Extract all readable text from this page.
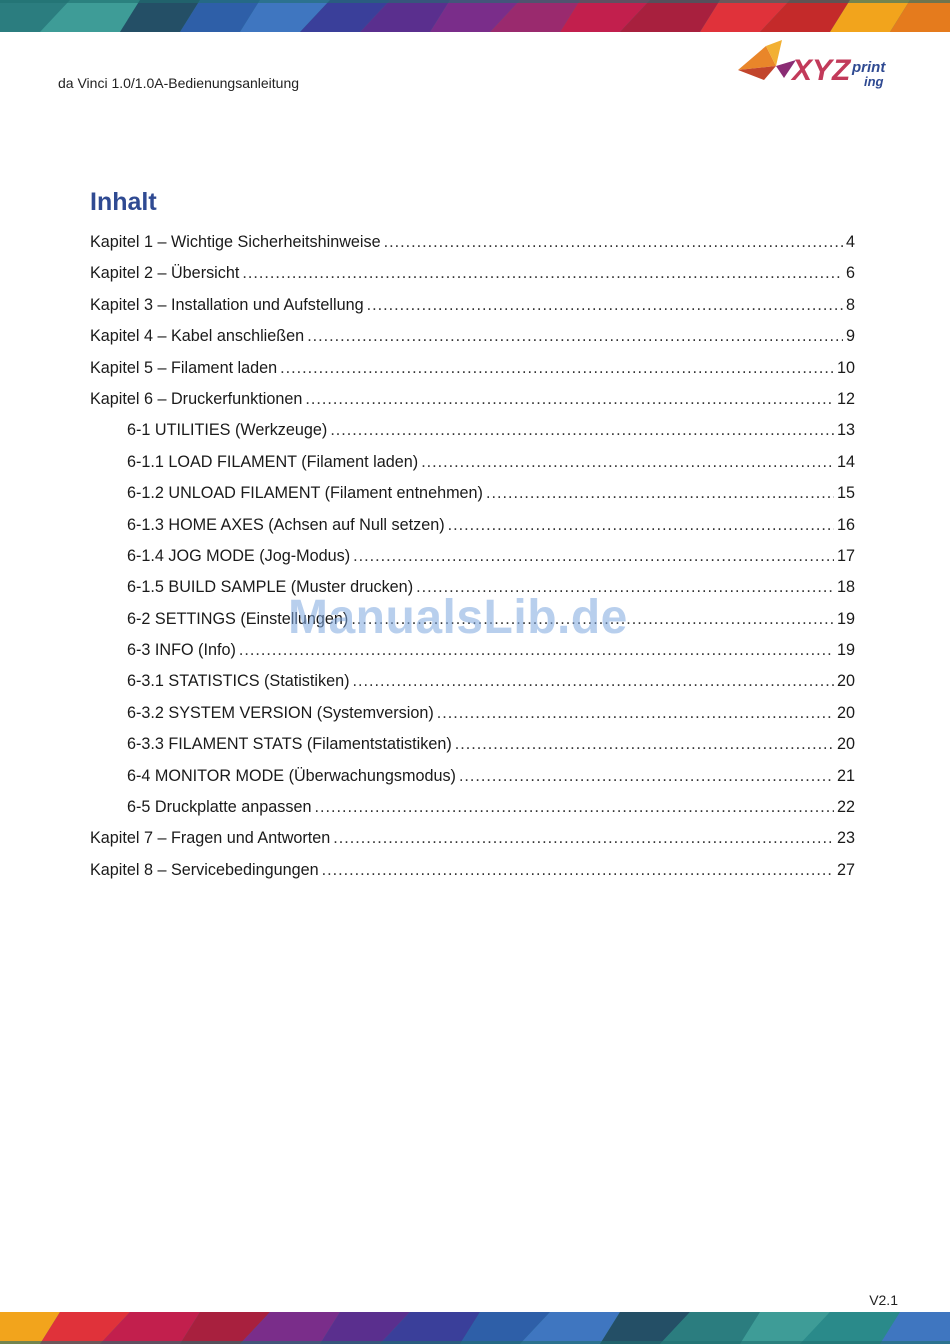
da Vinci 1.0/1.0A-Bedienungsanleitung	XYZ print
ing
Inhalt
Kapitel 1 – Wichtige Sicherheitshinweise .....	4
Kapitel 2 – Übersicht .....	6
Kapitel 3 – Installation und Aufstellung .....	8
Kapitel 4 – Kabel anschließen .....	9
Kapitel 5 – Filament laden .....	10
Kapitel 6 – Druckerfunktionen .....	12
6-1 UTILITIES (Werkzeuge) .....	13
6-1.1 LOAD FILAMENT (Filament laden) .....	14
6-1.2 UNLOAD FILAMENT (Filament entnehmen) .....	15
6-1.3 HOME AXES (Achsen auf Null setzen) .....	16
6-1.4 JOG MODE (Jog-Modus) .....	17
6-1.5 BUILD SAMPLE (Muster drucken) .....	18
6-2 SETTINGS (Einstellungen) .....	19
6-3 INFO (Info) .....	19
6-3.1 STATISTICS (Statistiken) .....	20
6-3.2 SYSTEM VERSION (Systemversion) .....	20
6-3.3 FILAMENT STATS (Filamentstatistiken) .....	20
6-4 MONITOR MODE (Überwachungsmodus) .....	21
6-5 Druckplatte anpassen .....	22
Kapitel 7 – Fragen und Antworten .....	23
Kapitel 8 – Servicebedingungen .....	27
ManualsLib.de
V2.1
